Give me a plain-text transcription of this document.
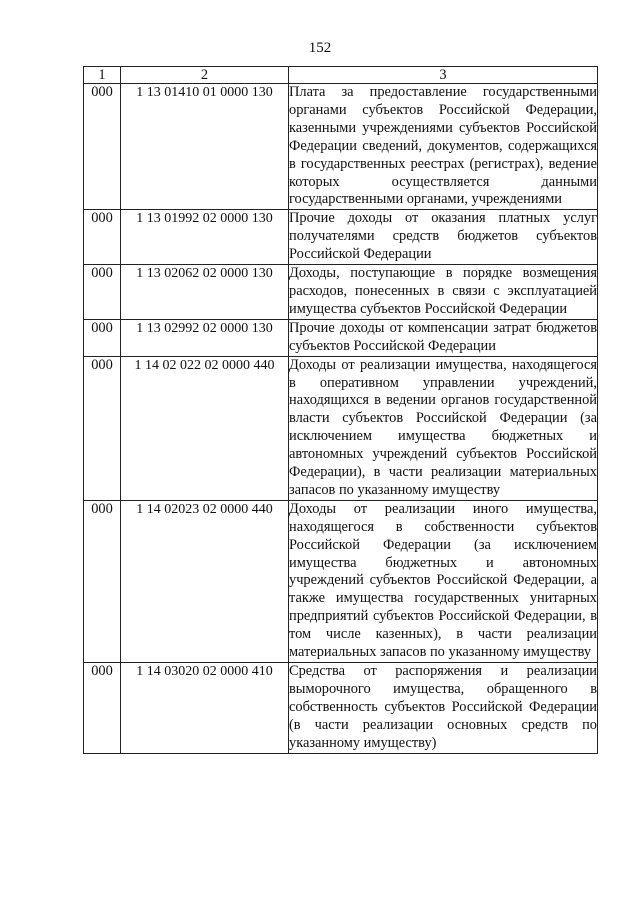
152
1	2	3
000	1 13 01410 01 0000 130	Плата за предоставление государственными органами субъектов Российской Федерации, казенными учреждениями субъектов Российской Федерации сведений, документов, содержащихся в государственных реестрах (регистрах), ведение которых осуществляется данными государственными органами, учреждениями
000	1 13 01992 02 0000 130	Прочие доходы от оказания платных услуг получателями средств бюджетов субъектов Российской Федерации
000	1 13 02062 02 0000 130	Доходы, поступающие в порядке возмещения расходов, понесенных в связи с эксплуатацией имущества субъектов Российской Федерации
000	1 13 02992 02 0000 130	Прочие доходы от компенсации затрат бюджетов субъектов Российской Федерации
000	1 14 02 022 02 0000 440	Доходы от реализации имущества, находящегося в оперативном управлении учреждений, находящихся в ведении органов государственной власти субъектов Российской Федерации (за исключением имущества бюджетных и автономных учреждений субъектов Российской Федерации), в части реализации материальных запасов по указанному имуществу
000	1 14 02023 02 0000 440	Доходы от реализации иного имущества, находящегося в собственности субъектов Российской Федерации (за исключением имущества бюджетных и автономных учреждений субъектов Российской Федерации, а также имущества государственных унитарных предприятий субъектов Российской Федерации, в том числе казенных), в части реализации материальных запасов по указанному имуществу
000	1 14 03020 02 0000 410	Средства от распоряжения и реализации выморочного имущества, обращенного в собственность субъектов Российской Федерации (в части реализации основных средств по указанному имуществу)
